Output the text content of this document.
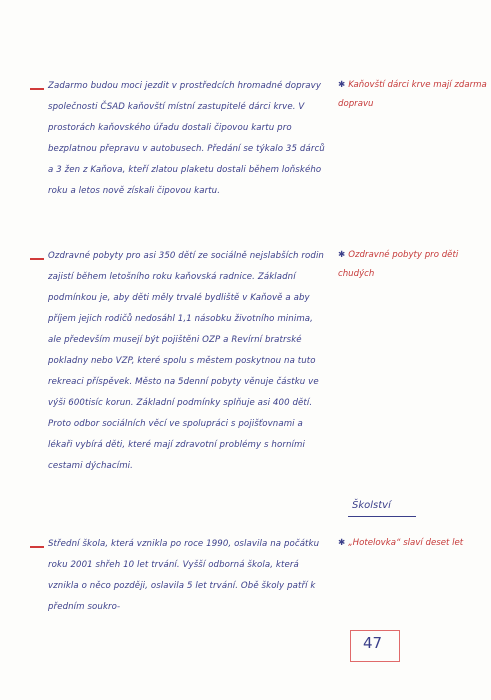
Zadarmo budou moci jezdit v prostředcích hromadné dopravy společnosti ČSAD kaňovští místní zastupitelé dárci krve. V prostorách kaňovského úřadu dostali čipovou kartu pro bezplatnou přepravu v autobusech. Předání se týkalo 35 dárců a 3 žen z Kaňova, kteří zlatou plaketu dostali během loňského roku a letos nově získali čipovou kartu.

✱ Kaňovští dárci krve mají zdarma dopravu

Ozdravné pobyty pro asi 350 dětí ze sociálně nejslabších rodin zajistí během letošního roku kaňovská radnice. Základní podmínkou je, aby děti měly trvalé bydliště v Kaňově a aby příjem jejich rodičů nedosáhl 1,1 násobku životního minima, ale především musejí být pojištěni OZP a Revírní bratrské pokladny nebo VZP, které spolu s městem poskytnou na tuto rekreaci příspěvek. Město na 5denní pobyty věnuje částku ve výši 600tisíc korun. Základní podmínky splňuje asi 400 dětí. Proto odbor sociálních věcí ve spolupráci s pojišťovnami a lékaři vybírá děti, které mají zdravotní problémy s horními cestami dýchacími.

✱ Ozdravné pobyty pro děti chudých
Školství

Střední škola, která vznikla po roce 1990, oslavila na počátku roku 2001 shřeh 10 let trvání. Vyšší odborná škola, která vznikla o něco později, oslavila 5 let trvání. Obě školy patří k předním soukro-

✱ „Hotelovka“ slaví deset let
47
